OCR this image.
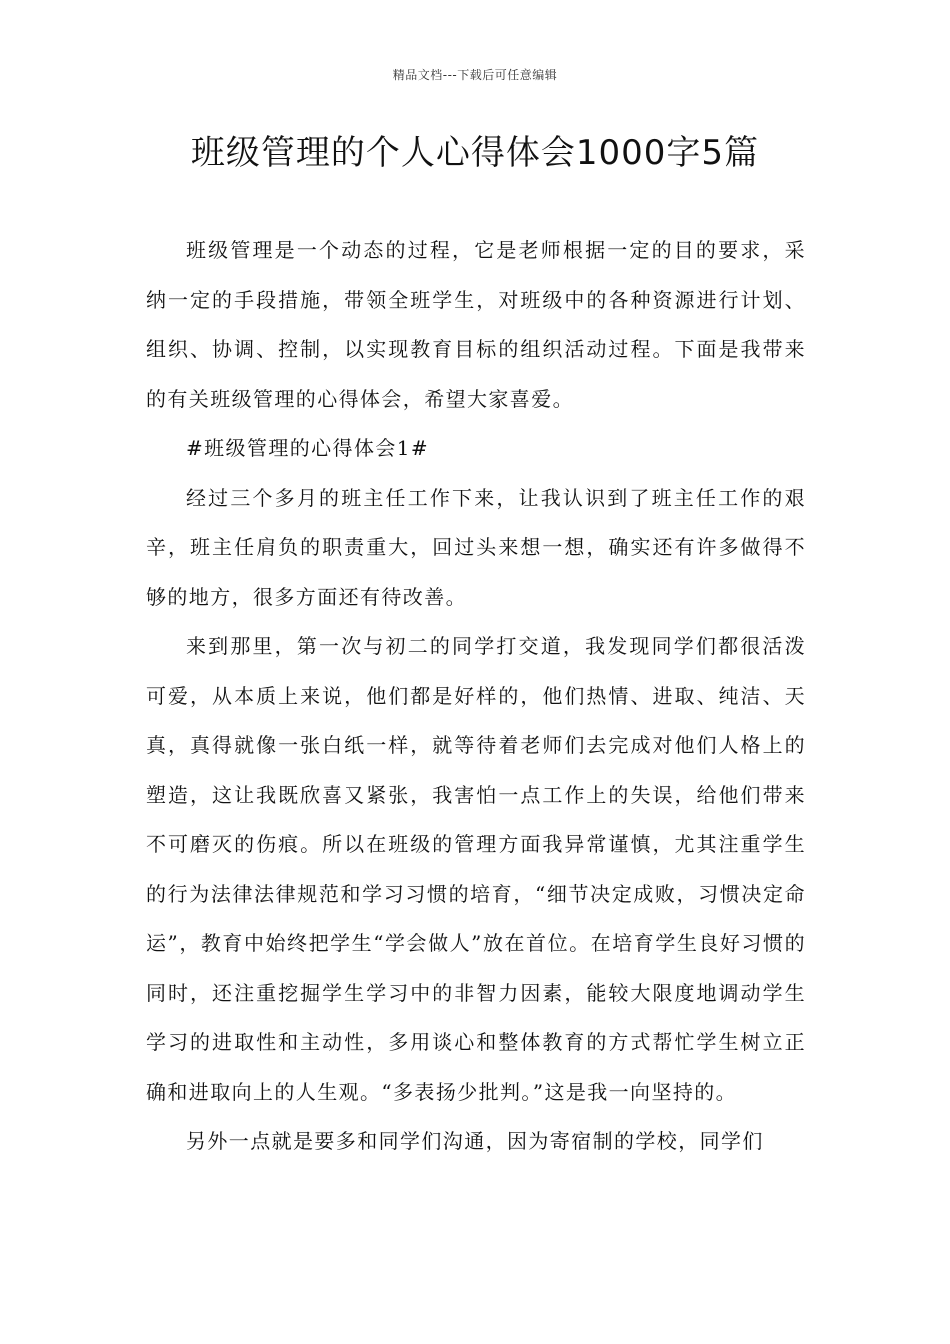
精品文档---下载后可任意编辑
班级管理的个人心得体会1000字5篇

班级管理是一个动态的过程，它是老师根据一定的目的要求，采纳一定的手段措施，带领全班学生，对班级中的各种资源进行计划、组织、协调、控制，以实现教育目标的组织活动过程。下面是我带来的有关班级管理的心得体会，希望大家喜爱。

#班级管理的心得体会1#

经过三个多月的班主任工作下来，让我认识到了班主任工作的艰辛，班主任肩负的职责重大，回过头来想一想，确实还有许多做得不够的地方，很多方面还有待改善。

来到那里，第一次与初二的同学打交道，我发现同学们都很活泼可爱，从本质上来说，他们都是好样的，他们热情、进取、纯洁、天真，真得就像一张白纸一样，就等待着老师们去完成对他们人格上的塑造，这让我既欣喜又紧张，我害怕一点工作上的失误，给他们带来不可磨灭的伤痕。所以在班级的管理方面我异常谨慎，尤其注重学生的行为法律法律规范和学习习惯的培育，“细节决定成败，习惯决定命运”，教育中始终把学生“学会做人”放在首位。在培育学生良好习惯的同时，还注重挖掘学生学习中的非智力因素，能较大限度地调动学生学习的进取性和主动性，多用谈心和整体教育的方式帮忙学生树立正确和进取向上的人生观。“多表扬少批判。”这是我一向坚持的。

另外一点就是要多和同学们沟通，因为寄宿制的学校，同学们
